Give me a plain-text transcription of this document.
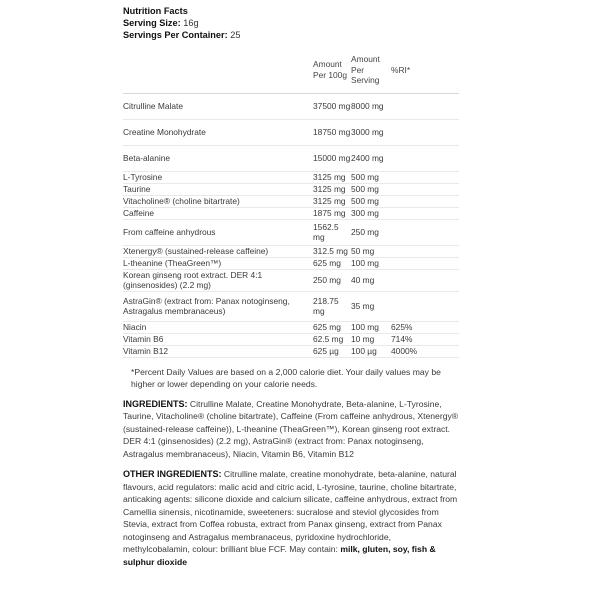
Nutrition Facts
Serving Size: 16g
Servings Per Container: 25
	Amount Per 100g	Amount Per Serving	%RI*
Citrulline Malate	37500 mg	8000 mg	
Creatine Monohydrate	18750 mg	3000 mg	
Beta-alanine	15000 mg	2400 mg	
L-Tyrosine	3125 mg	500 mg	
Taurine	3125 mg	500 mg	
Vitacholine® (choline bitartrate)	3125 mg	500 mg	
Caffeine	1875 mg	300 mg	
From caffeine anhydrous	1562.5 mg	250 mg	
Xtenergy® (sustained-release caffeine)	312.5 mg	50 mg	
L-theanine (TheaGreen™)	625 mg	100 mg	
Korean ginseng root extract. DER 4:1 (ginsenosides) (2.2 mg)	250 mg	40 mg	
AstraGin® (extract from: Panax notoginseng, Astragalus membranaceus)	218.75 mg	35 mg	
Niacin	625 mg	100 mg	625%
Vitamin B6	62.5 mg	10 mg	714%
Vitamin B12	625 µg	100 µg	4000%
*Percent Daily Values are based on a 2,000 calorie diet. Your daily values may be higher or lower depending on your calorie needs.
INGREDIENTS: Citrulline Malate, Creatine Monohydrate, Beta-alanine, L-Tyrosine, Taurine, Vitacholine® (choline bitartrate), Caffeine (From caffeine anhydrous, Xtenergy® (sustained-release caffeine)), L-theanine (TheaGreen™), Korean ginseng root extract. DER 4:1 (ginsenosides) (2.2 mg), AstraGin® (extract from: Panax notoginseng, Astragalus membranaceus), Niacin, Vitamin B6, Vitamin B12
OTHER INGREDIENTS: Citrulline malate, creatine monohydrate, beta-alanine, natural flavours, acid regulators: malic acid and citric acid, L-tyrosine, taurine, choline bitartrate, anticaking agents: silicone dioxide and calcium silicate, caffeine anhydrous, extract from Camellia sinensis, nicotinamide, sweeteners: sucralose and steviol glycosides from Stevia, extract from Coffea robusta, extract from Panax ginseng, extract from Panax notoginseng and Astragalus membranaceus, pyridoxine hydrochloride, methylcobalamin, colour: brilliant blue FCF. May contain: milk, gluten, soy, fish & sulphur dioxide
